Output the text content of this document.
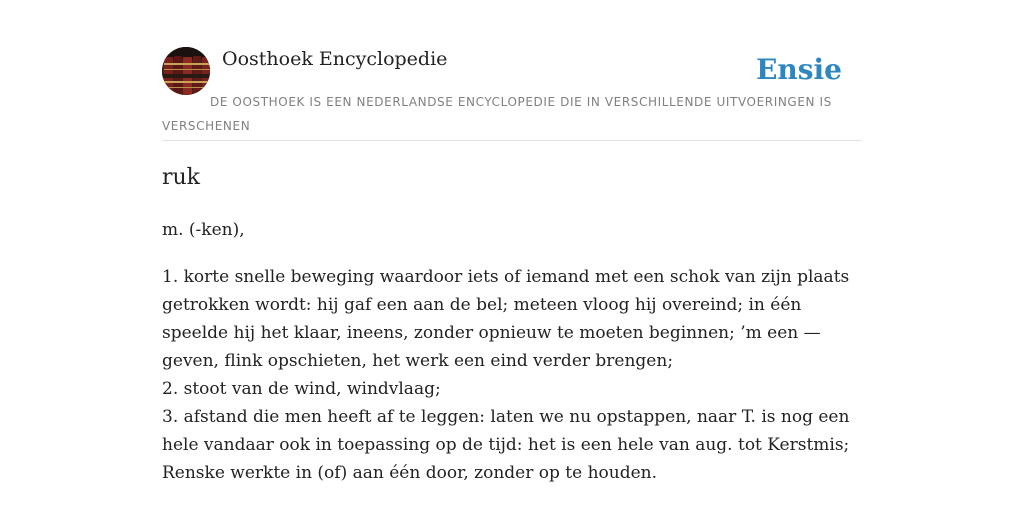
Oosthoek Encyclopedie	Ensie
DE OOSTHOEK IS EEN NEDERLANDSE ENCYCLOPEDIE DIE IN VERSCHILLENDE UITVOERINGEN IS VERSCHENEN
ruk
m. (-ken),
1. korte snelle beweging waardoor iets of iemand met een schok van zijn plaats getrokken wordt: hij gaf een aan de bel; meteen vloog hij overeind; in één speelde hij het klaar, ineens, zonder opnieuw te moeten beginnen; ’m een — geven, flink opschieten, het werk een eind verder brengen;
2. stoot van de wind, windvlaag;
3. afstand die men heeft af te leggen: laten we nu opstappen, naar T. is nog een hele vandaar ook in toepassing op de tijd: het is een hele van aug. tot Kerstmis; Renske werkte in (of) aan één door, zonder op te houden.
